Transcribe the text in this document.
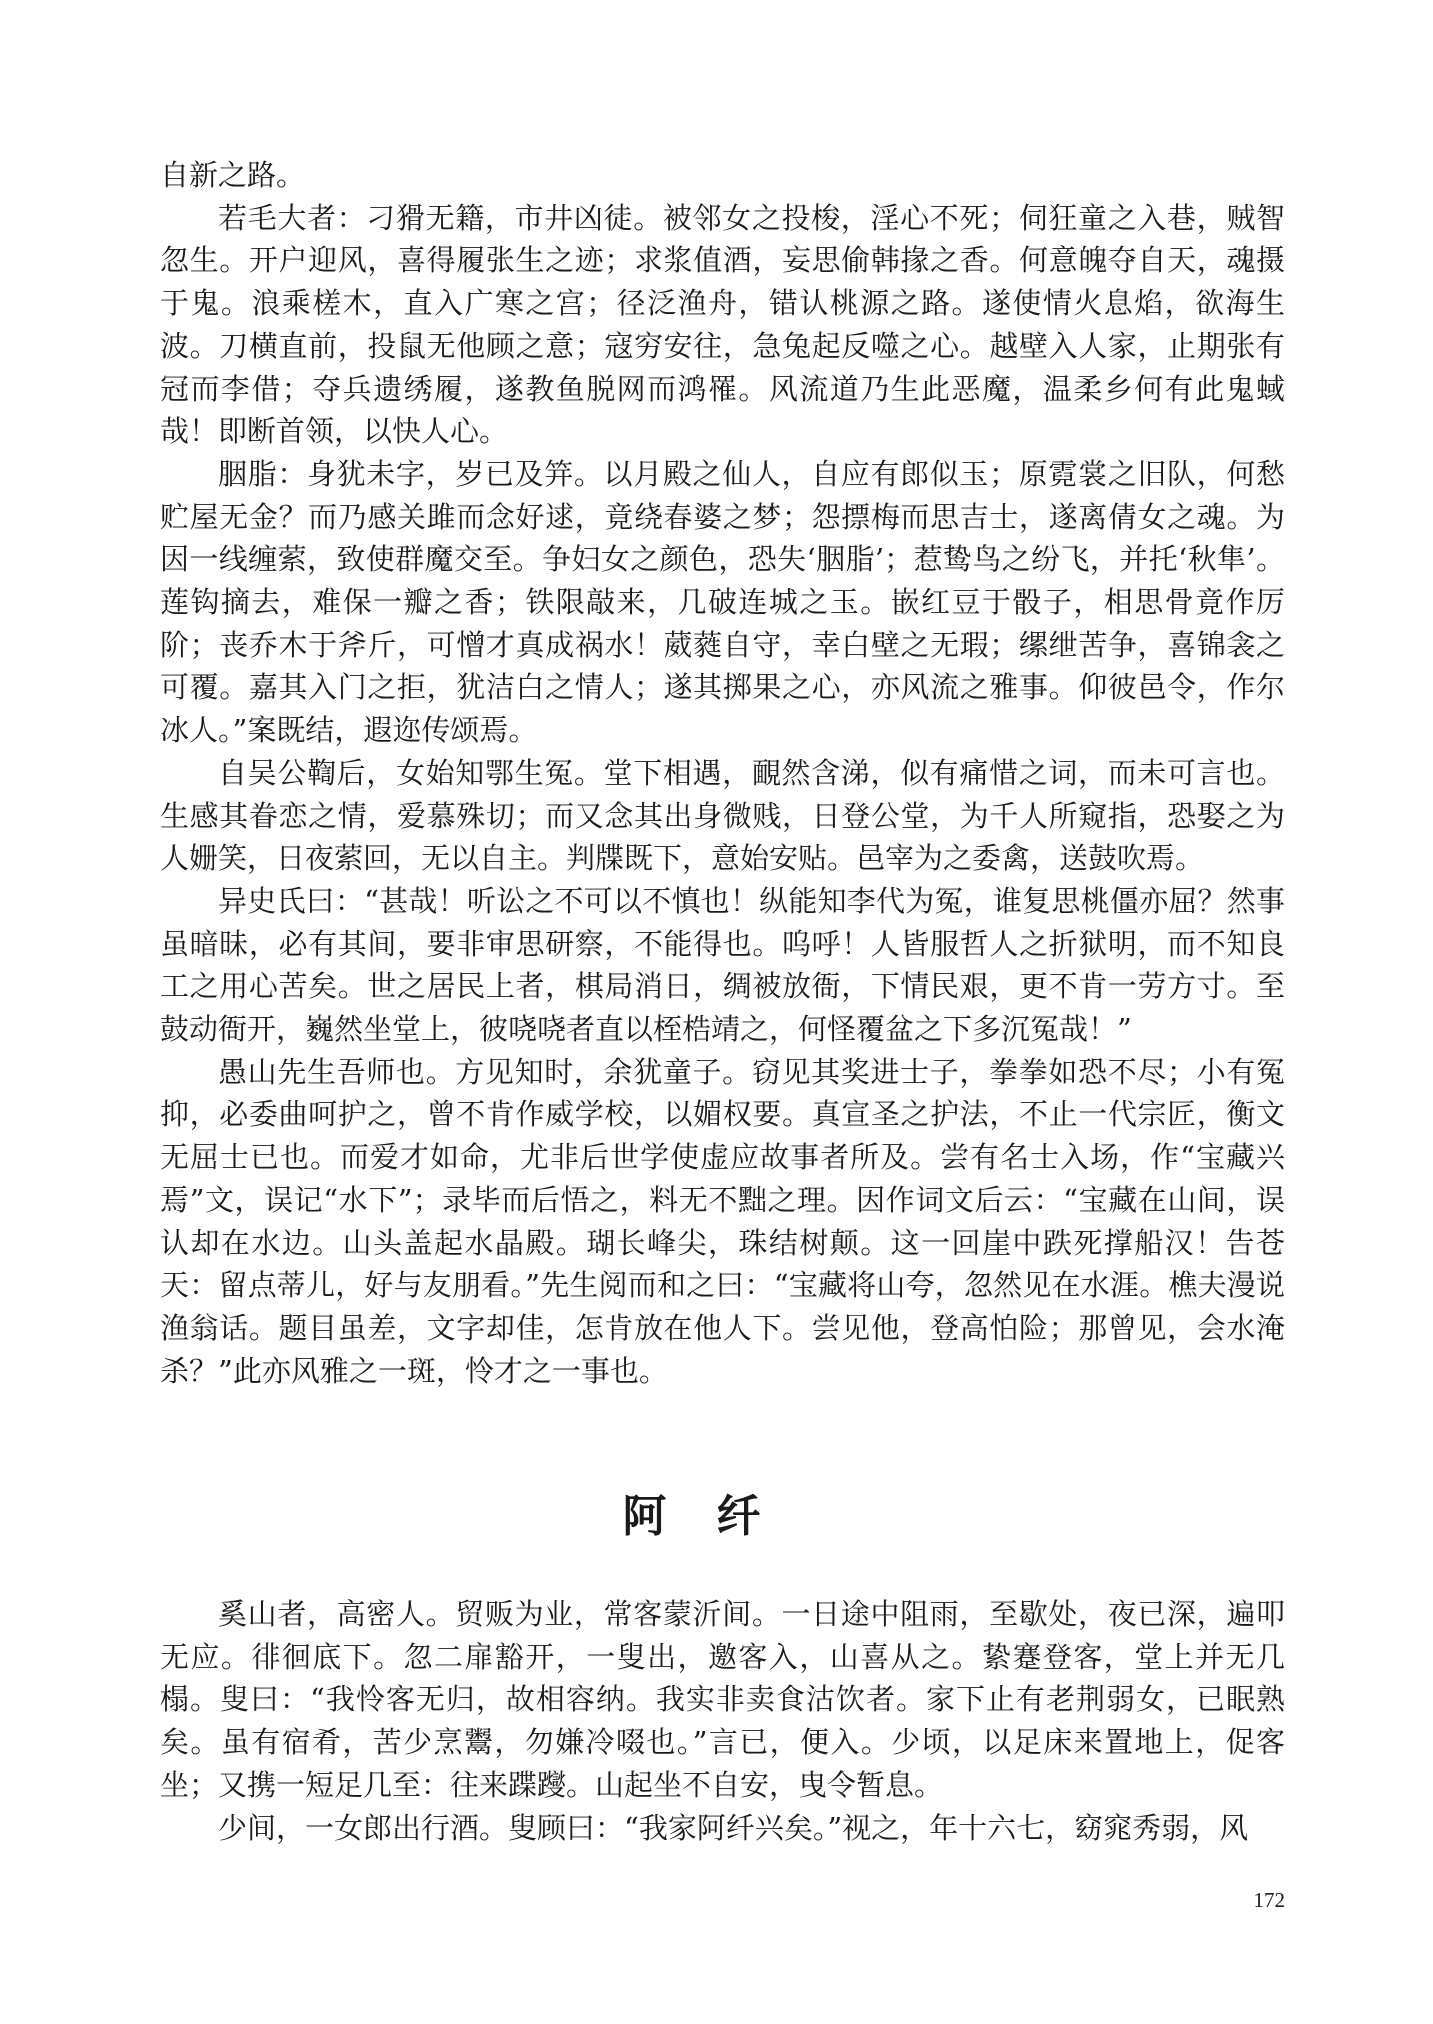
自新之路。

若毛大者：刁猾无籍，市井凶徒。被邻女之投梭，淫心不死；伺狂童之入巷，贼智忽生。开户迎风，喜得履张生之迹；求浆值酒，妄思偷韩掾之香。何意魄夺自天，魂摄于鬼。浪乘槎木，直入广寒之宫；径泛渔舟，错认桃源之路。遂使情火息焰，欲海生波。刀横直前，投鼠无他顾之意；寇穷安往，急兔起反噬之心。越壁入人家，止期张有冠而李借；夺兵遗绣履，遂教鱼脱网而鸿罹。风流道乃生此恶魔，温柔乡何有此鬼蜮哉！即断首领，以快人心。

胭脂：身犹未字，岁已及笄。以月殿之仙人，自应有郎似玉；原霓裳之旧队，何愁贮屋无金？而乃感关雎而念好逑，竟绕春婆之梦；怨摽梅而思吉士，遂离倩女之魂。为因一线缠萦，致使群魔交至。争妇女之颜色，恐失‘胭脂’；惹鸷鸟之纷飞，并托‘秋隼’。莲钩摘去，难保一瓣之香；铁限敲来，几破连城之玉。嵌红豆于骰子，相思骨竟作厉阶；丧乔木于斧斤，可憎才真成祸水！葳蕤自守，幸白壁之无瑕；缧绁苦争，喜锦衾之可覆。嘉其入门之拒，犹洁白之情人；遂其掷果之心，亦风流之雅事。仰彼邑令，作尔冰人。”案既结，遐迩传颂焉。

自吴公鞫后，女始知鄂生冤。堂下相遇，靦然含涕，似有痛惜之词，而未可言也。生感其眷恋之情，爱慕殊切；而又念其出身微贱，日登公堂，为千人所窥指，恐娶之为人姗笑，日夜萦回，无以自主。判牒既下，意始安贴。邑宰为之委禽，送鼓吹焉。

异史氏曰：“甚哉！听讼之不可以不慎也！纵能知李代为冤，谁复思桃僵亦屈？然事虽暗昧，必有其间，要非审思研察，不能得也。呜呼！人皆服哲人之折狱明，而不知良工之用心苦矣。世之居民上者，棋局消日，绸被放衙，下情民艰，更不肯一劳方寸。至鼓动衙开，巍然坐堂上，彼哓哓者直以桎梏靖之，何怪覆盆之下多沉冤哉！”

愚山先生吾师也。方见知时，余犹童子。窃见其奖进士子，拳拳如恐不尽；小有冤抑，必委曲呵护之，曾不肯作威学校，以媚权要。真宣圣之护法，不止一代宗匠，衡文无屈士已也。而爱才如命，尤非后世学使虚应故事者所及。尝有名士入场，作“宝藏兴焉”文，误记“水下”；录毕而后悟之，料无不黜之理。因作词文后云：“宝藏在山间，误认却在水边。山头盖起水晶殿。瑚长峰尖，珠结树颠。这一回崖中跌死撑船汉！告苍天：留点蒂儿，好与友朋看。”先生阅而和之曰：“宝藏将山夸，忽然见在水涯。樵夫漫说渔翁话。题目虽差，文字却佳，怎肯放在他人下。尝见他，登高怕险；那曾见，会水淹杀？”此亦风雅之一斑，怜才之一事也。

阿纤

奚山者，高密人。贸贩为业，常客蒙沂间。一日途中阻雨，至歇处，夜已深，遍叩无应。徘徊底下。忽二扉豁开，一叟出，邀客入，山喜从之。絷蹇登客，堂上并无几榻。叟曰：“我怜客无归，故相容纳。我实非卖食沽饮者。家下止有老荆弱女，已眠熟矣。虽有宿肴，苦少烹鬻，勿嫌冷啜也。”言已，便入。少顷，以足床来置地上，促客坐；又携一短足几至：往来蹀躞。山起坐不自安，曳令暂息。

少间，一女郎出行酒。叟顾曰：“我家阿纤兴矣。”视之，年十六七，窈窕秀弱，风

172
